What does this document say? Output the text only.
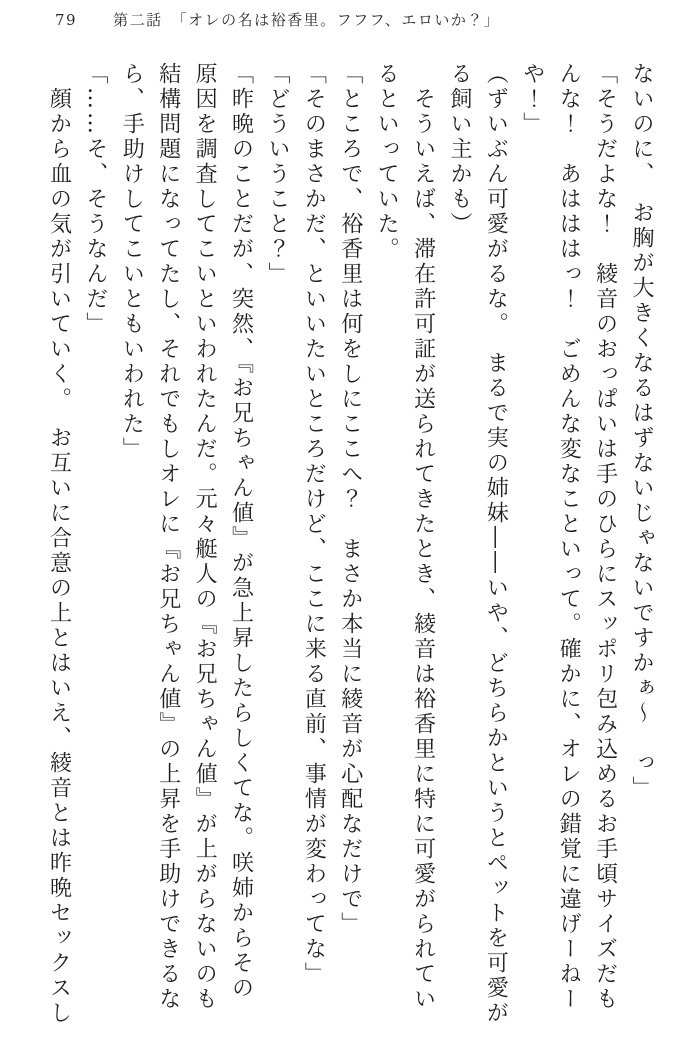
79 第二話　「オレの名は裕香里。フフフ、エロいか？」
ないのに、　お胸が大きくなるはずないじゃないですかぁ～　っ」
「そうだよな！　綾音のおっぱいは手のひらにスッポリ包み込めるお手頃サイズだも
んな！　あはははっ！　ごめんな変なこといって。確かに、オレの錯覚に違げーねー
や！」
（ずいぶん可愛がるな。　まるで実の姉妹――いや、どちらかというとペットを可愛が
る飼い主かも）
　そういえば、滞在許可証が送られてきたとき、綾音は裕香里に特に可愛がられてい
るといっていた。
「ところで、裕香里は何をしにここへ？　まさか本当に綾音が心配なだけで」
「そのまさかだ、といいたいところだけど、ここに来る直前、事情が変わってな」
「どういうこと？」
「昨晩のことだが、突然、『お兄ちゃん値』が急上昇したらしくてな。咲姉からその
原因を調査してこいといわれたんだ。元々艇人の『お兄ちゃん値』が上がらないのも
結構問題になってたし、それでもしオレに『お兄ちゃん値』の上昇を手助けできるな
ら、手助けしてこいともいわれた」
「……そ、そうなんだ」
　顔から血の気が引いていく。　お互いに合意の上とはいえ、綾音とは昨晩セックスし
